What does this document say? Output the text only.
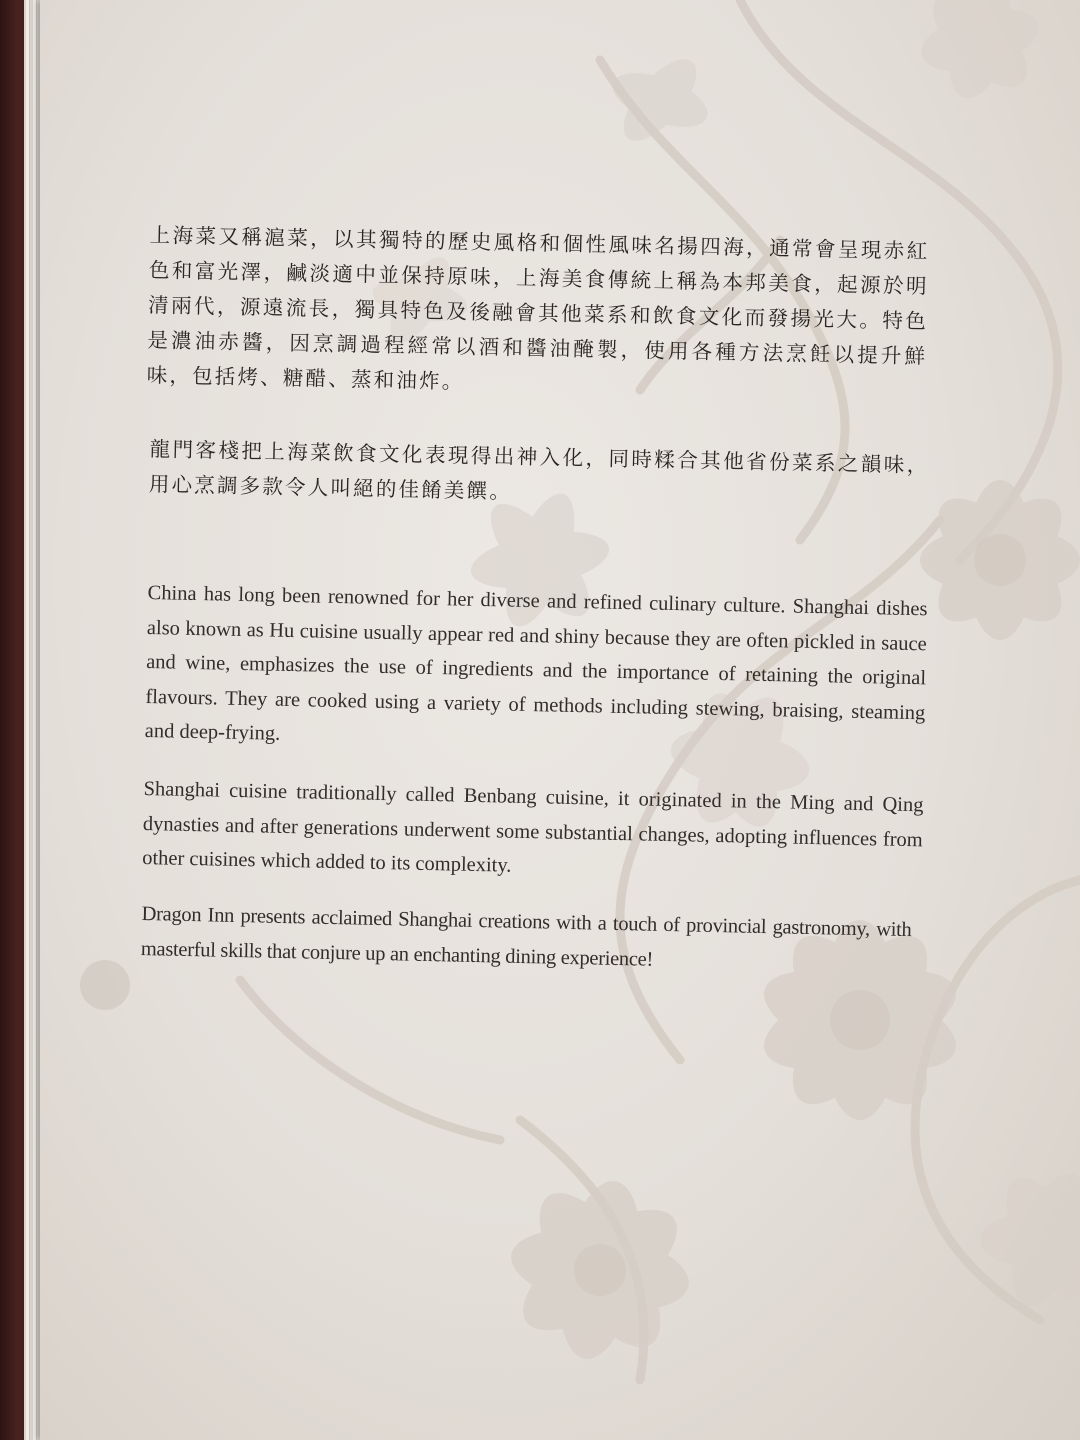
上海菜又稱滬菜，以其獨特的歷史風格和個性風味名揚四海，通常會呈現赤紅色和富光澤，鹹淡適中並保持原味，上海美食傳統上稱為本邦美食，起源於明清兩代，源遠流長，獨具特色及後融會其他菜系和飲食文化而發揚光大。特色是濃油赤醬，因烹調過程經常以酒和醬油醃製，使用各種方法烹飪以提升鮮味，包括烤、糖醋、蒸和油炸。

龍門客棧把上海菜飲食文化表現得出神入化，同時糅合其他省份菜系之韻味，用心烹調多款令人叫絕的佳餚美饌。

China has long been renowned for her diverse and refined culinary culture. Shanghai dishes also known as Hu cuisine usually appear red and shiny because they are often pickled in sauce and wine, emphasizes the use of ingredients and the importance of retaining the original flavours. They are cooked using a variety of methods including stewing, braising, steaming and deep-frying.

Shanghai cuisine traditionally called Benbang cuisine, it originated in the Ming and Qing dynasties and after generations underwent some substantial changes, adopting influences from other cuisines which added to its complexity.

Dragon Inn presents acclaimed Shanghai creations with a touch of provincial gastronomy, with masterful skills that conjure up an enchanting dining experience!
